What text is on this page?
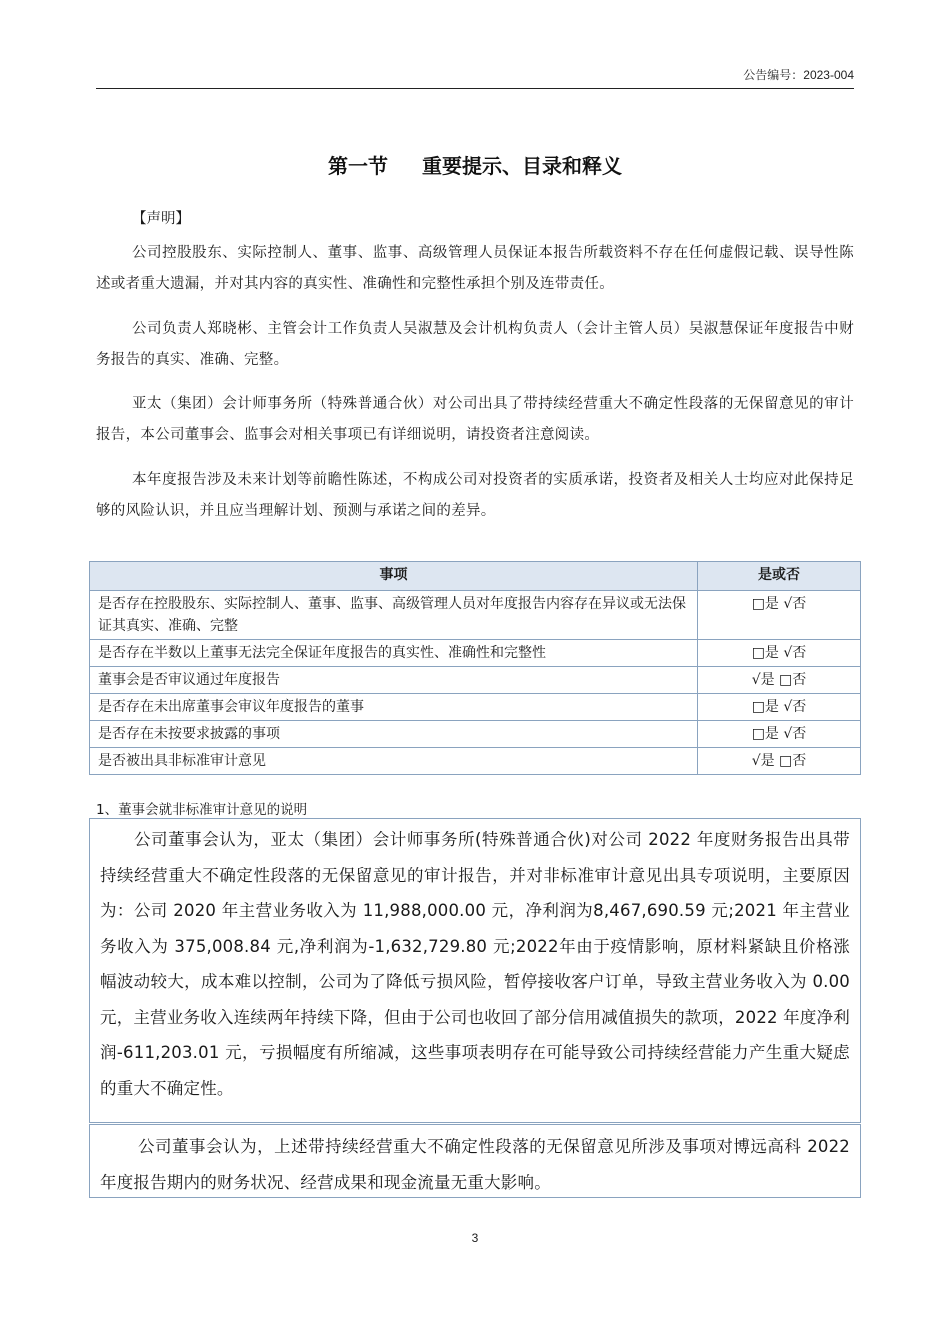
公告编号：2023-004
第一节 重要提示、目录和释义
【声明】
公司控股股东、实际控制人、董事、监事、高级管理人员保证本报告所载资料不存在任何虚假记载、误导性陈述或者重大遗漏，并对其内容的真实性、准确性和完整性承担个别及连带责任。
公司负责人郑晓彬、主管会计工作负责人吴淑慧及会计机构负责人（会计主管人员）吴淑慧保证年度报告中财务报告的真实、准确、完整。
亚太（集团）会计师事务所（特殊普通合伙）对公司出具了带持续经营重大不确定性段落的无保留意见的审计报告，本公司董事会、监事会对相关事项已有详细说明，请投资者注意阅读。
本年度报告涉及未来计划等前瞻性陈述，不构成公司对投资者的实质承诺，投资者及相关人士均应对此保持足够的风险认识，并且应当理解计划、预测与承诺之间的差异。
事项	是或否
是否存在控股股东、实际控制人、董事、监事、高级管理人员对年度报告内容存在异议或无法保证其真实、准确、完整	□是 √否
是否存在半数以上董事无法完全保证年度报告的真实性、准确性和完整性	□是 √否
董事会是否审议通过年度报告	√是 □否
是否存在未出席董事会审议年度报告的董事	□是 √否
是否存在未按要求披露的事项	□是 √否
是否被出具非标准审计意见	√是 □否
1、董事会就非标准审计意见的说明
公司董事会认为，亚太（集团）会计师事务所(特殊普通合伙)对公司 2022 年度财务报告出具带持续经营重大不确定性段落的无保留意见的审计报告，并对非标准审计意见出具专项说明，主要原因为：公司 2020 年主营业务收入为 11,988,000.00 元，净利润为8,467,690.59 元;2021 年主营业务收入为 375,008.84 元,净利润为-1,632,729.80 元;2022年由于疫情影响，原材料紧缺且价格涨幅波动较大，成本难以控制，公司为了降低亏损风险，暂停接收客户订单，导致主营业务收入为 0.00 元，主营业务收入连续两年持续下降，但由于公司也收回了部分信用减值损失的款项，2022 年度净利润-611,203.01 元，亏损幅度有所缩减，这些事项表明存在可能导致公司持续经营能力产生重大疑虑的重大不确定性。
公司董事会认为，上述带持续经营重大不确定性段落的无保留意见所涉及事项对博远高科 2022 年度报告期内的财务状况、经营成果和现金流量无重大影响。
3
